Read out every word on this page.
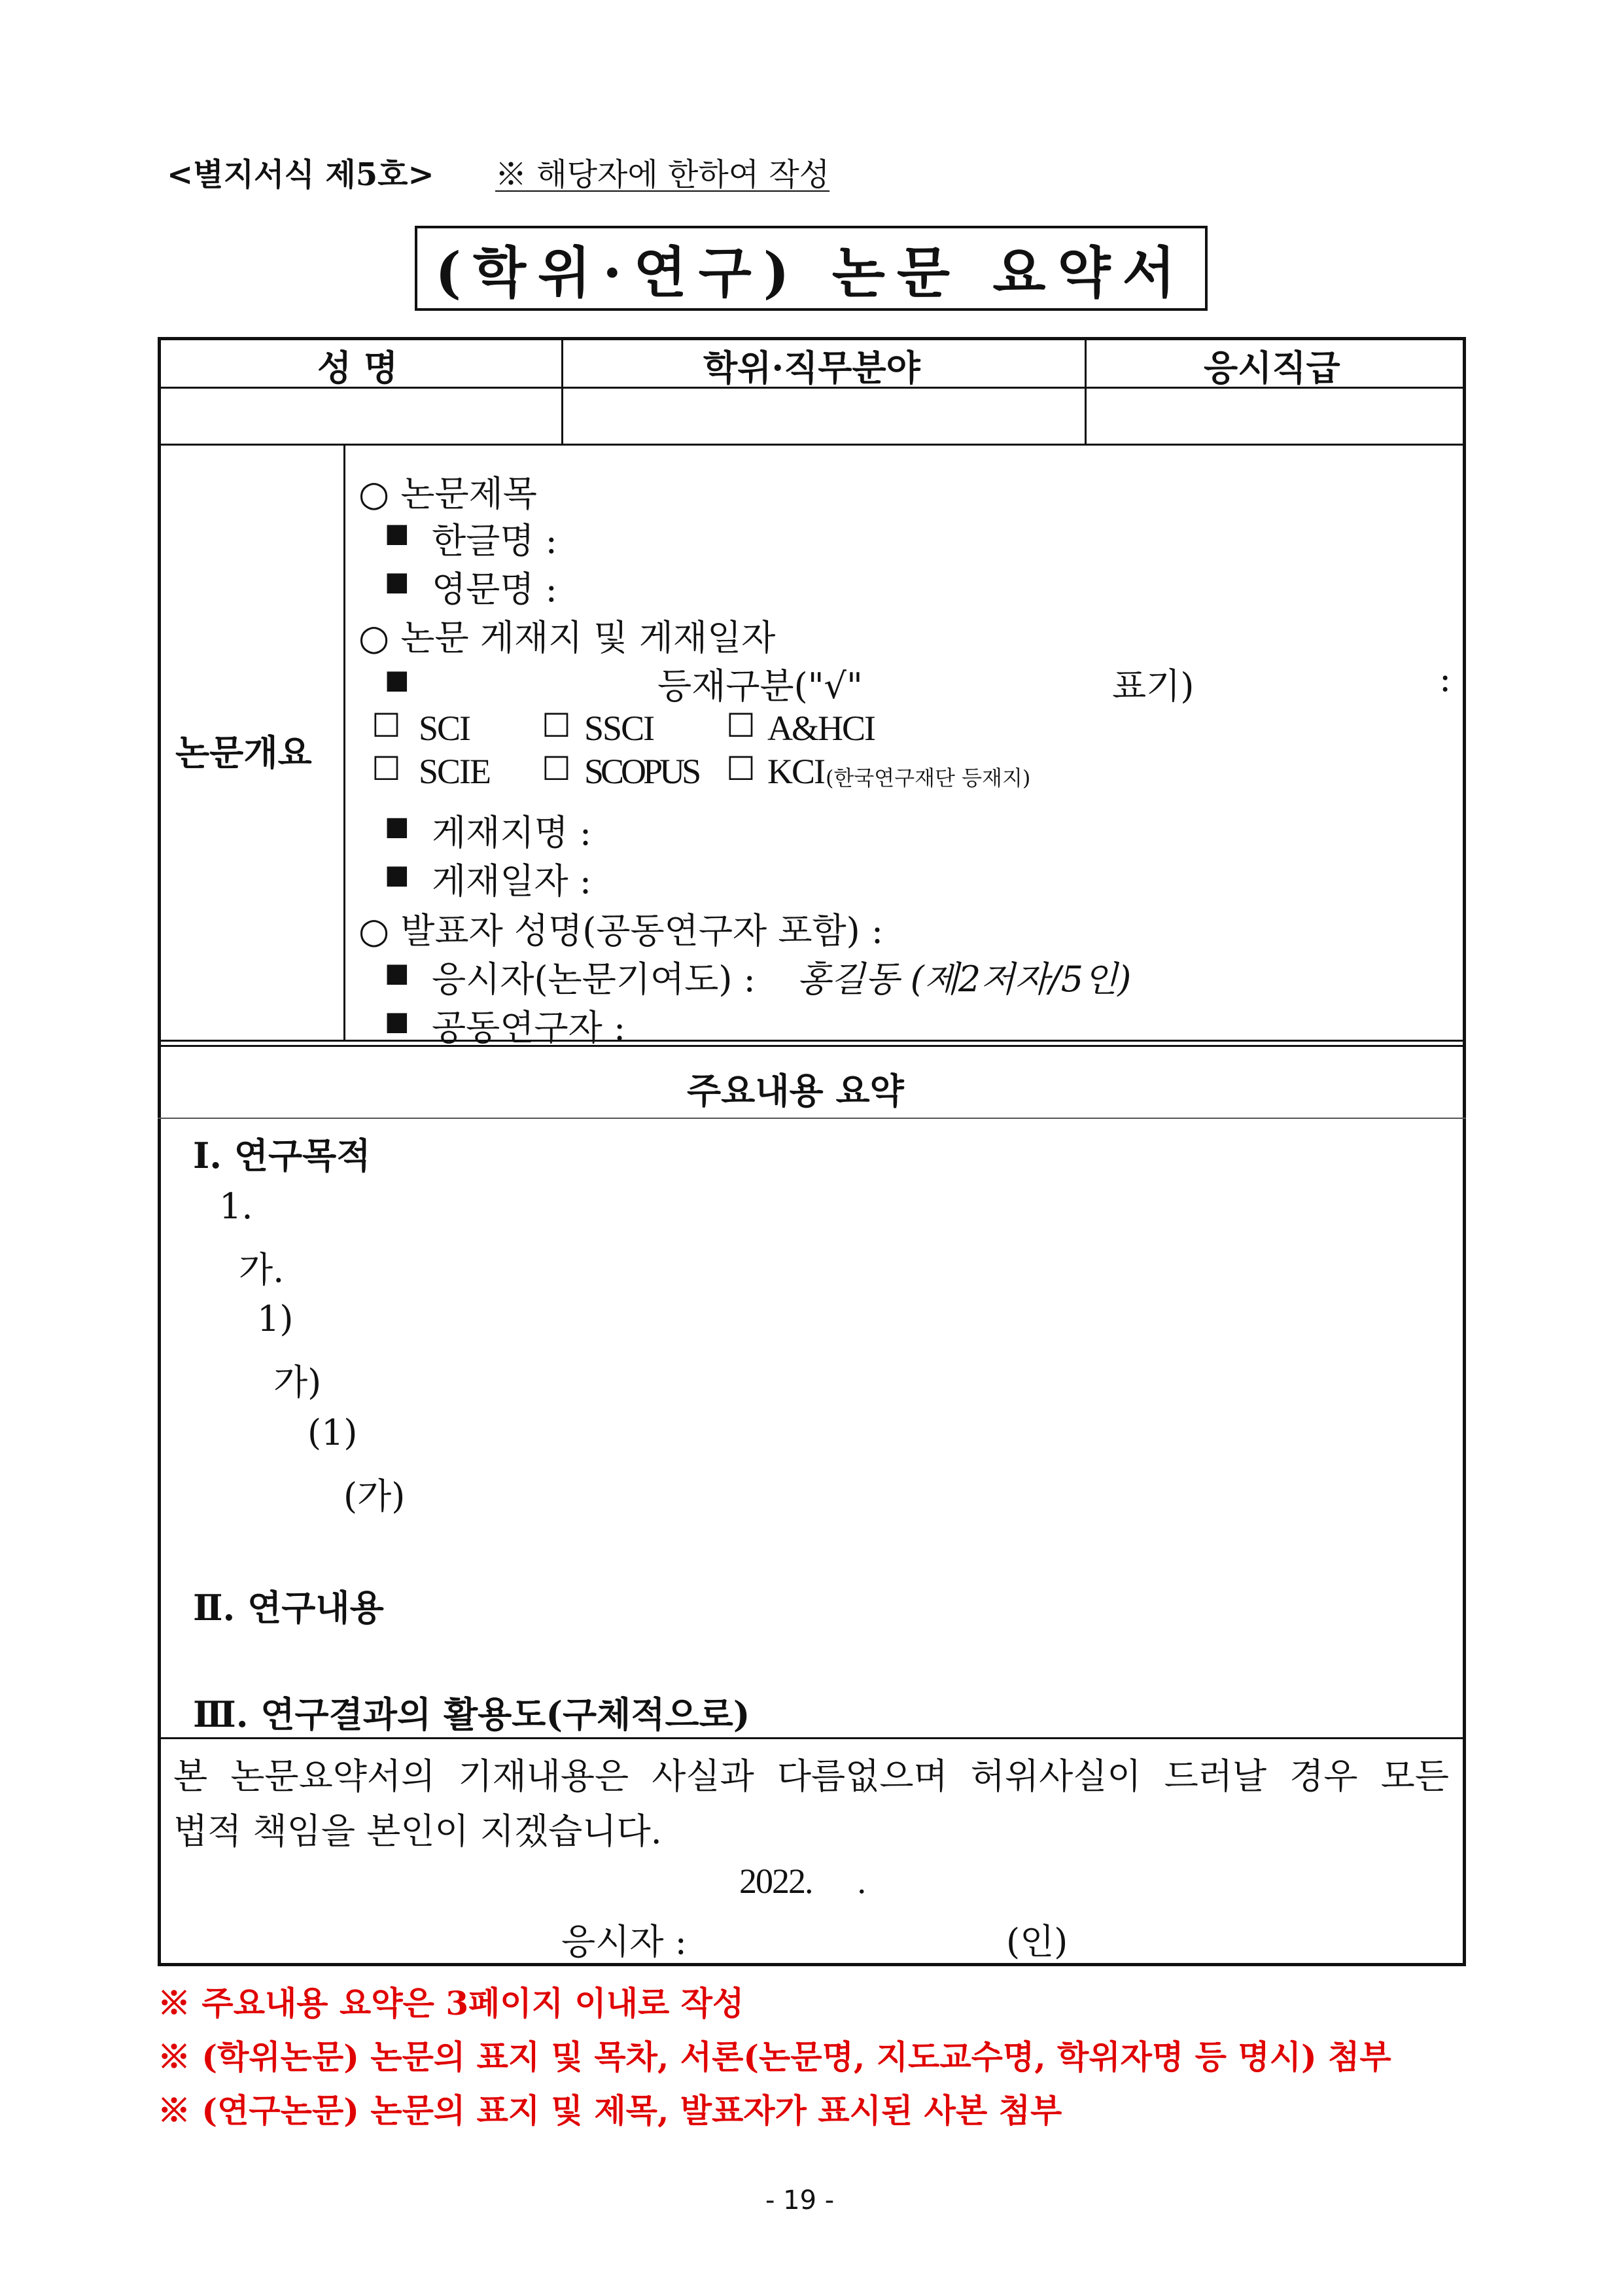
<별지서식 제5호> ※ 해당자에 한하여 작성
(학위·연구) 논문 요약서
성 명	학위·직무분야	응시직급
논문개요
○ 논문제목
■ 한글명 :
■ 영문명 :
○ 논문 게재지 및 게재일자
■	등재구분("√"	표기)	:
☐ SCI ☐ SSCI ☐ A&HCI
☐ SCIE ☐ SCOPUS ☐ KCI (한국연구재단 등재지)
■ 게재지명 :
■ 게재일자 :
○ 발표자 성명(공동연구자 포함) :
■ 응시자(논문기여도) : 홍길동 (제2저자/5인)
■ 공동연구자 :
주요내용 요약
Ⅰ. 연구목적
1.
가.
1)
가)
(1)
(가)
Ⅱ. 연구내용
Ⅲ. 연구결과의 활용도(구체적으로)
본 논문요약서의 기재내용은 사실과 다름없으며 허위사실이 드러날 경우 모든
법적 책임을 본인이 지겠습니다.
2022.      .
응시자 :	(인)
※ 주요내용 요약은 3페이지 이내로 작성
※ (학위논문) 논문의 표지 및 목차, 서론(논문명, 지도교수명, 학위자명 등 명시) 첨부
※ (연구논문) 논문의 표지 및 제목, 발표자가 표시된 사본 첨부
- 19 -
